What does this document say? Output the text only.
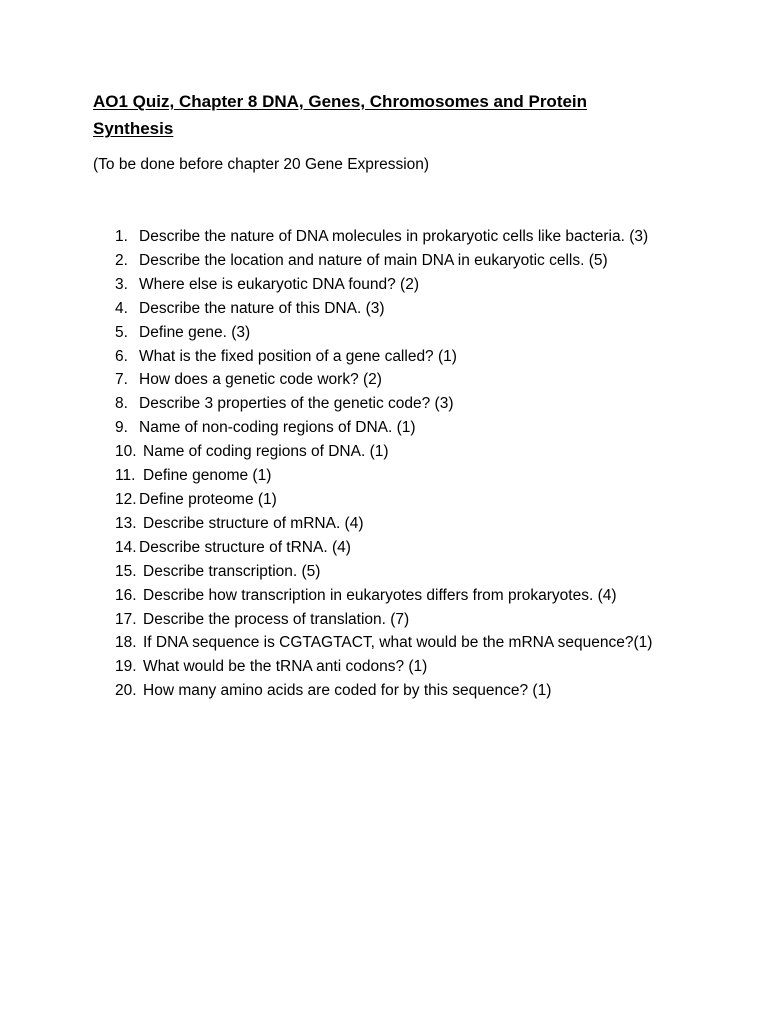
AO1 Quiz, Chapter 8 DNA, Genes, Chromosomes and Protein Synthesis

(To be done before chapter 20 Gene Expression)

1. Describe the nature of DNA molecules in prokaryotic cells like bacteria. (3)
2. Describe the location and nature of main DNA in eukaryotic cells. (5)
3. Where else is eukaryotic DNA found? (2)
4. Describe the nature of this DNA. (3)
5. Define gene. (3)
6. What is the fixed position of a gene called? (1)
7. How does a genetic code work? (2)
8. Describe 3 properties of the genetic code? (3)
9. Name of non-coding regions of DNA. (1)
10. Name of coding regions of DNA. (1)
11. Define genome (1)
12. Define proteome (1)
13. Describe structure of mRNA. (4)
14. Describe structure of tRNA. (4)
15. Describe transcription. (5)
16. Describe how transcription in eukaryotes differs from prokaryotes. (4)
17. Describe the process of translation. (7)
18. If DNA sequence is CGTAGTACT, what would be the mRNA sequence?(1)
19. What would be the tRNA anti codons? (1)
20. How many amino acids are coded for by this sequence? (1)
